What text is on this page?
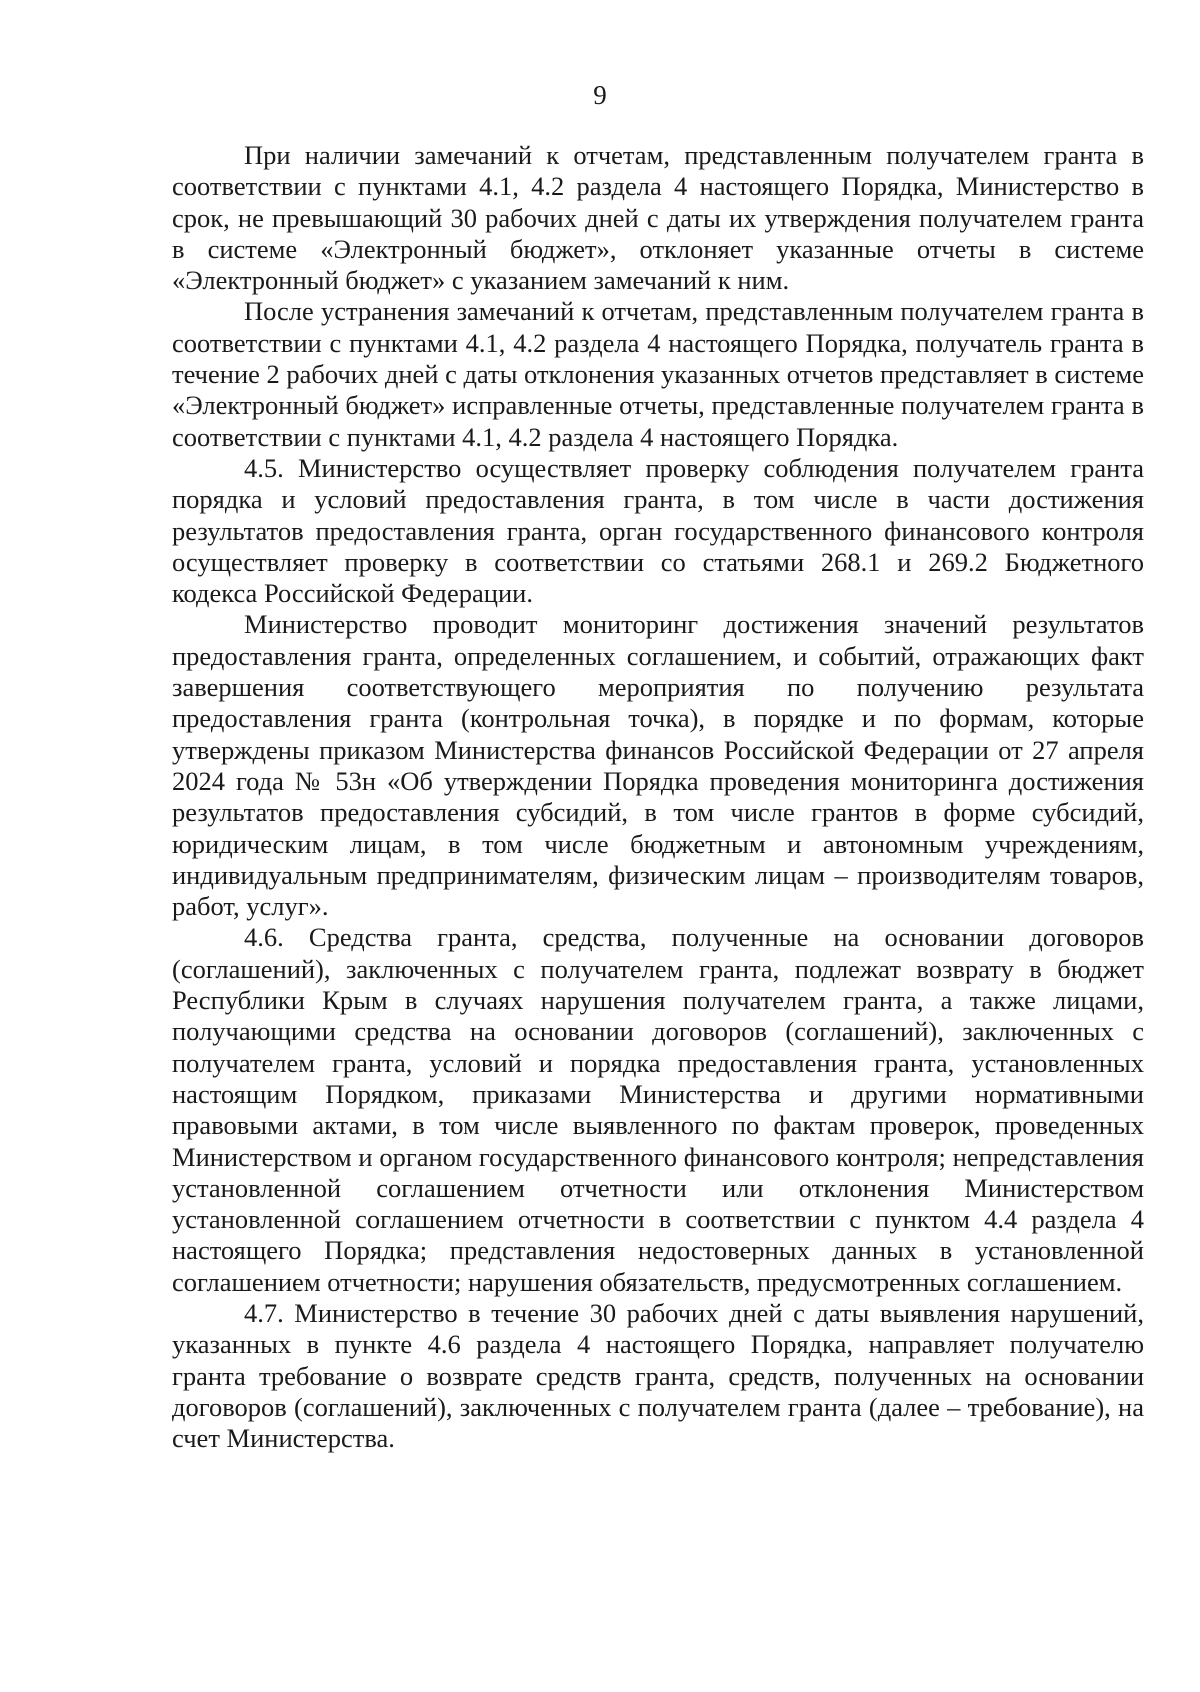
9

При наличии замечаний к отчетам, представленным получателем гранта в соответствии с пунктами 4.1, 4.2 раздела 4 настоящего Порядка, Министерство в срок, не превышающий 30 рабочих дней с даты их утверждения получателем гранта в системе «Электронный бюджет», отклоняет указанные отчеты в системе «Электронный бюджет» с указанием замечаний к ним.

После устранения замечаний к отчетам, представленным получателем гранта в соответствии с пунктами 4.1, 4.2 раздела 4 настоящего Порядка, получатель гранта в течение 2 рабочих дней с даты отклонения указанных отчетов представляет в системе «Электронный бюджет» исправленные отчеты, представленные получателем гранта в соответствии с пунктами 4.1, 4.2 раздела 4 настоящего Порядка.

4.5. Министерство осуществляет проверку соблюдения получателем гранта порядка и условий предоставления гранта, в том числе в части достижения результатов предоставления гранта, орган государственного финансового контроля осуществляет проверку в соответствии со статьями 268.1 и 269.2 Бюджетного кодекса Российской Федерации.

Министерство проводит мониторинг достижения значений результатов предоставления гранта, определенных соглашением, и событий, отражающих факт завершения соответствующего мероприятия по получению результата предоставления гранта (контрольная точка), в порядке и по формам, которые утверждены приказом Министерства финансов Российской Федерации от 27 апреля 2024 года № 53н «Об утверждении Порядка проведения мониторинга достижения результатов предоставления субсидий, в том числе грантов в форме субсидий, юридическим лицам, в том числе бюджетным и автономным учреждениям, индивидуальным предпринимателям, физическим лицам – производителям товаров, работ, услуг».

4.6. Средства гранта, средства, полученные на основании договоров (соглашений), заключенных с получателем гранта, подлежат возврату в бюджет Республики Крым в случаях нарушения получателем гранта, а также лицами, получающими средства на основании договоров (соглашений), заключенных с получателем гранта, условий и порядка предоставления гранта, установленных настоящим Порядком, приказами Министерства и другими нормативными правовыми актами, в том числе выявленного по фактам проверок, проведенных Министерством и органом государственного финансового контроля; непредставления установленной соглашением отчетности или отклонения Министерством установленной соглашением отчетности в соответствии с пунктом 4.4 раздела 4 настоящего Порядка; представления недостоверных данных в установленной соглашением отчетности; нарушения обязательств, предусмотренных соглашением.

4.7. Министерство в течение 30 рабочих дней с даты выявления нарушений, указанных в пункте 4.6 раздела 4 настоящего Порядка, направляет получателю гранта требование о возврате средств гранта, средств, полученных на основании договоров (соглашений), заключенных с получателем гранта (далее – требование), на счет Министерства.
